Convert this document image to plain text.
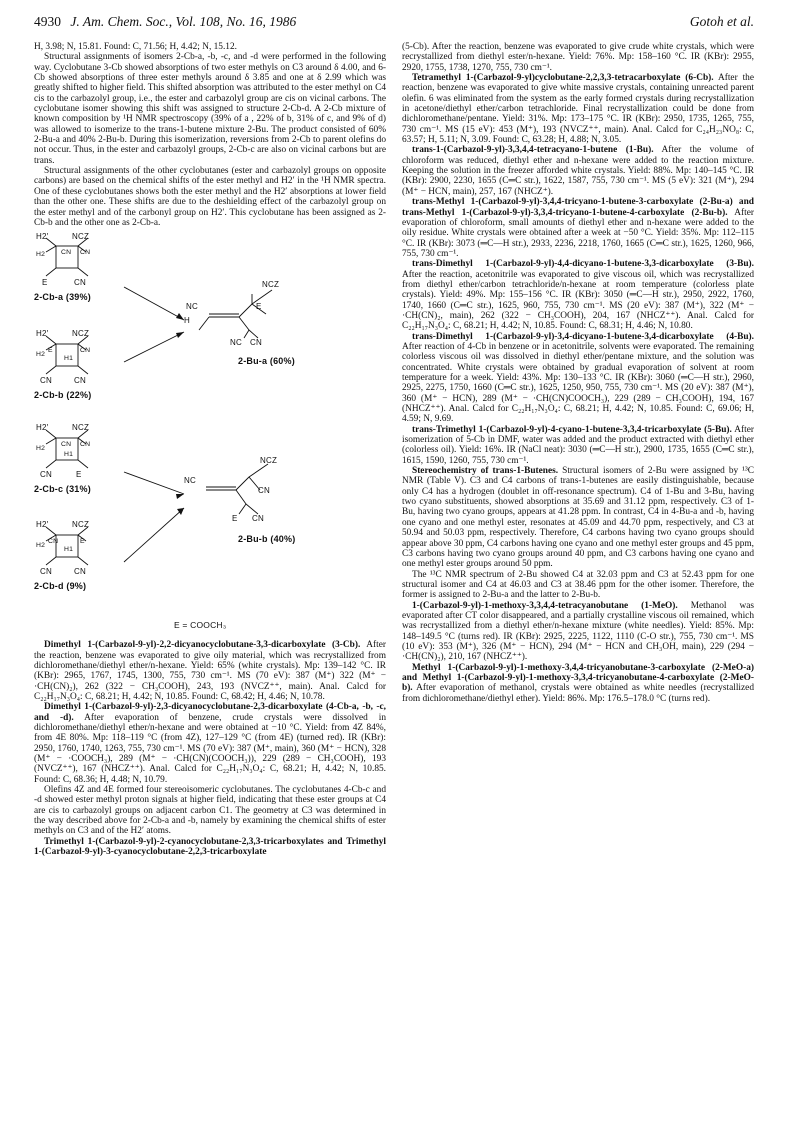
4930 J. Am. Chem. Soc., Vol. 108, No. 16, 1986	Gotoh et al.

H, 3.98; N, 15.81. Found: C, 71.56; H, 4.42; N, 15.12.

Structural assignments of isomers 2-Cb-a, -b, -c, and -d were performed in the following way. Cyclobutane 3-Cb showed absorptions of two ester methyls on C3 around δ 4.00, and 6-Cb showed absorptions of three ester methyls around δ 3.85 and one at δ 2.99 which was greatly shifted to higher field. This shifted absorption was attributed to the ester methyl on C4 cis to the carbazolyl group, i.e., the ester and carbazolyl group are cis on vicinal carbons. The cyclobutane isomer showing this shift was assigned to structure 2-Cb-d. A 2-Cb mixture of known composition by ¹H NMR spectroscopy (39% of a , 22% of b, 31% of c, and 9% of d) was allowed to isomerize to the trans-1-butene mixture 2-Bu. The product consisted of 60% 2-Bu-a and 40% 2-Bu-b. During this isomerization, reversions from 2-Cb to parent olefins do not occur. Thus, in the ester and carbazolyl groups, 2-Cb-c are also on vicinal carbons but are trans.

Structural assignments of the other cyclobutanes (ester and carbazolyl groups on opposite carbons) are based on the chemical shifts of the ester methyl and H2′ in the ¹H NMR spectra. One of these cyclobutanes shows both the ester methyl and the H2′ absorptions at lower field than the other one. These shifts are due to the deshielding effect of the carbazolyl group on the ester methyl and of the carbonyl group on H2′. This cyclobutane has been assigned as 2-Cb-b and the other one as 2-Cb-a.

H2′	NCZ
H2 CN CN
E	CN
2-Cb-a (39%)
H2′	NCZ
H2
H1
CN
E
CN	CN
2-Cb-b (22%)
H2′	NCZ
H2
CN
H1
CN
CN	E
2-Cb-c (31%)
H2′	NCZ
H2
H1
E
CN
CN	CN
2-Cb-d (9%)
NCZ
NC
H
E
NC CN
2-Bu-a (60%)
NCZ
NC
CN
E CN
2-Bu-b (40%)
E = COOCH₃

Dimethyl 1-(Carbazol-9-yl)-2,2-dicyanocyclobutane-3,3-dicarboxylate (3-Cb). After the reaction, benzene was evaporated to give oily material, which was recrystallized from dichloromethane/diethyl ether/n-hexane. Yield: 65% (white crystals). Mp: 139–142 °C. IR (KBr): 2965, 1767, 1745, 1300, 755, 730 cm⁻¹. MS (70 eV): 387 (M⁺) 322 (M⁺ − ·CH(CN)₂), 262 (322 − CH₃COOH), 243, 193 (NVCZ⁺⁺, main). Anal. Calcd for C₂₂H₁₇N₃O₄: C, 68.21; H, 4.42; N, 10.85. Found: C, 68.42; H, 4.46; N, 10.78.

Dimethyl 1-(Carbazol-9-yl)-2,3-dicyanocyclobutane-2,3-dicarboxylate (4-Cb-a, -b, -c, and -d). After evaporation of benzene, crude crystals were dissolved in dichloromethane/diethyl ether/n-hexane and were obtained at −10 °C. Yield: from 4Z 84%, from 4E 80%. Mp: 118–119 °C (from 4Z), 127–129 °C (from 4E) (turned red). IR (KBr): 2950, 1760, 1740, 1263, 755, 730 cm⁻¹. MS (70 eV): 387 (M⁺, main), 360 (M⁺ − HCN), 328 (M⁺ − ·COOCH₃), 289 (M⁺ − ·CH(CN)(COOCH₃)), 229 (289 − CH₃COOH), 193 (NVCZ⁺⁺), 167 (NHCZ⁺⁺). Anal. Calcd for C₂₂H₁₇N₃O₄: C, 68.21; H, 4.42; N, 10.85. Found: C, 68.36; H, 4.48; N, 10.79.

Olefins 4Z and 4E formed four stereoisomeric cyclobutanes. The cyclobutanes 4-Cb-c and -d showed ester methyl proton signals at higher field, indicating that these ester groups at C4 are cis to carbazolyl groups on adjacent carbon C1. The geometry at C3 was determined in the way described above for 2-Cb-a and -b, namely by examining the chemical shifts of ester methyls on C3 and of the H2′ atoms.

Trimethyl 1-(Carbazol-9-yl)-2-cyanocyclobutane-2,3,3-tricarboxylates and Trimethyl 1-(Carbazol-9-yl)-3-cyanocyclobutane-2,2,3-tricarboxylate

(5-Cb). After the reaction, benzene was evaporated to give crude white crystals, which were recrystallized from diethyl ester/n-hexane. Yield: 76%. Mp: 158–160 °C. IR (KBr): 2955, 2920, 1755, 1738, 1270, 755, 730 cm⁻¹.

Tetramethyl 1-(Carbazol-9-yl)cyclobutane-2,2,3,3-tetracarboxylate (6-Cb). After the reaction, benzene was evaporated to give white massive crystals, containing unreacted parent olefin. 6 was eliminated from the system as the early formed crystals during recrystallization in acetone/diethyl ether/carbon tetrachloride. Final recrystallization could be done from dichloromethane/pentane. Yield: 31%. Mp: 173–175 °C. IR (KBr): 2950, 1735, 1265, 755, 730 cm⁻¹. MS (15 eV): 453 (M⁺), 193 (NVCZ⁺⁺, main). Anal. Calcd for C₂₄H₂₃NO₈: C, 63.57; H, 5.11; N, 3.09. Found: C, 63.28; H, 4.88; N, 3.05.

trans-1-(Carbazol-9-yl)-3,3,4,4-tetracyano-1-butene (1-Bu). After the volume of chloroform was reduced, diethyl ether and n-hexane were added to the reaction mixture. Keeping the solution in the freezer afforded white crystals. Yield: 88%. Mp: 140–145 °C. IR (KBr): 2900, 2230, 1655 (C═C str.), 1622, 1587, 755, 730 cm⁻¹. MS (5 eV): 321 (M⁺), 294 (M⁺ − HCN, main), 257, 167 (NHCZ⁺).

trans-Methyl 1-(Carbazol-9-yl)-3,4,4-tricyano-1-butene-3-carboxylate (2-Bu-a) and trans-Methyl 1-(Carbazol-9-yl)-3,3,4-tricyano-1-butene-4-carboxylate (2-Bu-b). After evaporation of chloroform, small amounts of diethyl ether and n-hexane were added to the oily residue. White crystals were obtained after a week at −50 °C. Yield: 35%. Mp: 112–115 °C. IR (KBr): 3073 (═C—H str.), 2933, 2236, 2218, 1760, 1665 (C═C str.), 1625, 1260, 966, 755, 730 cm⁻¹.

trans-Dimethyl 1-(Carbazol-9-yl)-4,4-dicyano-1-butene-3,3-dicarboxylate (3-Bu). After the reaction, acetonitrile was evaporated to give viscous oil, which was recrystallized from diethyl ether/carbon tetrachloride/n-hexane at room temperature (colorless plate crystals). Yield: 49%. Mp: 155–156 °C. IR (KBr): 3050 (═C—H str.), 2950, 2922, 1760, 1740, 1660 (C═C str.), 1625, 960, 755, 730 cm⁻¹. MS (20 eV): 387 (M⁺), 322 (M⁺ − ·CH(CN)₂, main), 262 (322 − CH₃COOH), 204, 167 (NHCZ⁺⁺). Anal. Calcd for C₂₂H₁₇N₃O₄: C, 68.21; H, 4.42; N, 10.85. Found: C, 68.31; H, 4.46; N, 10.80.

trans-Dimethyl 1-(Carbazol-9-yl)-3,4-dicyano-1-butene-3,4-dicarboxylate (4-Bu). After reaction of 4-Cb in benzene or in acetonitrile, solvents were evaporated. The remaining colorless viscous oil was dissolved in diethyl ether/pentane mixture, and the solution was concentrated. White crystals were obtained by gradual evaporation of solvent at room temperature for a week. Yield: 43%. Mp: 130–133 °C. IR (KBr): 3060 (═C—H str.), 2960, 2925, 2275, 1750, 1660 (C═C str.), 1625, 1250, 950, 755, 730 cm⁻¹. MS (20 eV): 387 (M⁺), 360 (M⁺ − HCN), 289 (M⁺ − ·CH(CN)COOCH₃), 229 (289 − CH₃COOH), 194, 167 (NHCZ⁺⁺). Anal. Calcd for C₂₂H₁₇N₃O₄: C, 68.21; H, 4.42; N, 10.85. Found: C, 69.06; H, 4.59; N, 9.69.

trans-Trimethyl 1-(Carbazol-9-yl)-4-cyano-1-butene-3,3,4-tricarboxylate (5-Bu). After isomerization of 5-Cb in DMF, water was added and the product extracted with diethyl ether (colorless oil). Yield: 16%. IR (NaCl neat): 3030 (═C—H str.), 2900, 1735, 1655 (C═C str.), 1615, 1590, 1260, 755, 730 cm⁻¹.

Stereochemistry of trans-1-Butenes. Structural isomers of 2-Bu were assigned by ¹³C NMR (Table V). C3 and C4 carbons of trans-1-butenes are easily distinguishable, because only C4 has a hydrogen (doublet in off-resonance spectrum). C4 of 1-Bu and 3-Bu, having two cyano substituents, showed absorptions at 35.69 and 31.12 ppm, respectively. C3 of 1-Bu, having two cyano groups, appears at 41.28 ppm. In contrast, C4 in 4-Bu-a and -b, having one cyano and one methyl ester, resonates at 45.09 and 44.70 ppm, respectively, and C3 at 50.94 and 50.03 ppm, respectively. Therefore, C4 carbons having two cyano groups should appear above 30 ppm, C4 carbons having one cyano and one methyl ester groups and 45 ppm, C3 carbons having two cyano groups around 40 ppm, and C3 carbons having one cyano and one methyl ester groups around 50 ppm.

The ¹³C NMR spectrum of 2-Bu showed C4 at 32.03 ppm and C3 at 52.43 ppm for one structural isomer and C4 at 46.03 and C3 at 38.46 ppm for the other isomer. Therefore, the former is assigned to 2-Bu-a and the latter to 2-Bu-b.

1-(Carbazol-9-yl)-1-methoxy-3,3,4,4-tetracyanobutane (1-MeO). Methanol was evaporated after CT color disappeared, and a partially crystalline viscous oil remained, which was recrystallized from a diethyl ether/n-hexane mixture (white needles). Yield: 85%. Mp: 148–149.5 °C (turns red). IR (KBr): 2925, 2225, 1122, 1110 (C-O str.), 755, 730 cm⁻¹. MS (10 eV): 353 (M⁺), 326 (M⁺ − HCN), 294 (M⁺ − HCN and CH₃OH, main), 229 (294 − ·CH(CN)₂), 210, 167 (NHCZ⁺⁺).

Methyl 1-(Carbazol-9-yl)-1-methoxy-3,4,4-tricyanobutane-3-carboxylate (2-MeO-a) and Methyl 1-(Carbazol-9-yl)-1-methoxy-3,3,4-tricyanobutane-4-carboxylate (2-MeO-b). After evaporation of methanol, crystals were obtained as white needles (recrystallized from dichloromethane/diethyl ether). Yield: 86%. Mp: 176.5–178.0 °C (turns red).
